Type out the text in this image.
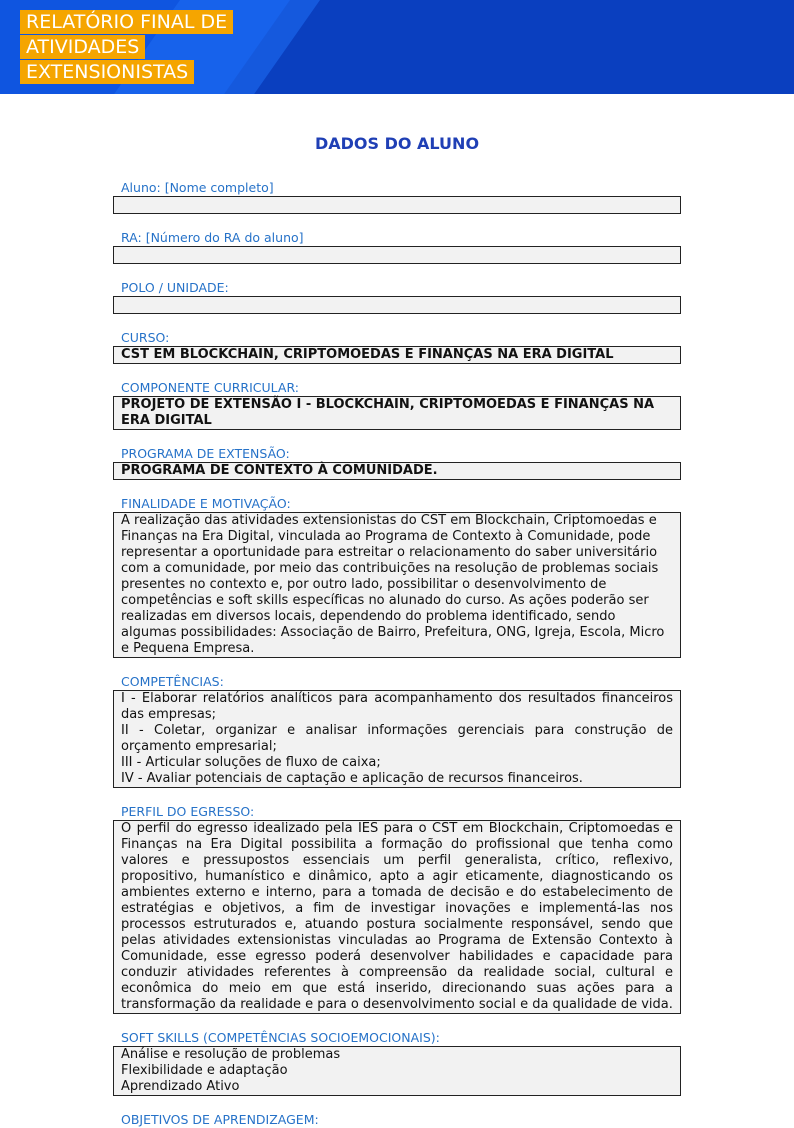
RELATÓRIO FINAL DE
ATIVIDADES
EXTENSIONISTAS
DADOS DO ALUNO
Aluno: [Nome completo]
RA: [Número do RA do aluno]
POLO / UNIDADE:
CURSO:
CST EM BLOCKCHAIN, CRIPTOMOEDAS E FINANÇAS NA ERA DIGITAL
COMPONENTE CURRICULAR:
PROJETO DE EXTENSÃO I - BLOCKCHAIN, CRIPTOMOEDAS E FINANÇAS NA ERA DIGITAL
PROGRAMA DE EXTENSÃO:
PROGRAMA DE CONTEXTO À COMUNIDADE.
FINALIDADE E MOTIVAÇÃO:
A realização das atividades extensionistas do CST em Blockchain, Criptomoedas e Finanças na Era Digital, vinculada ao Programa de Contexto à Comunidade, pode representar a oportunidade para estreitar o relacionamento do saber universitário com a comunidade, por meio das contribuições na resolução de problemas sociais presentes no contexto e, por outro lado, possibilitar o desenvolvimento de competências e soft skills específicas no alunado do curso. As ações poderão ser realizadas em diversos locais, dependendo do problema identificado, sendo algumas possibilidades: Associação de Bairro, Prefeitura, ONG, Igreja, Escola, Micro e Pequena Empresa.
COMPETÊNCIAS:
I - Elaborar relatórios analíticos para acompanhamento dos resultados financeiros das empresas;
II - Coletar, organizar e analisar informações gerenciais para construção de orçamento empresarial;
III - Articular soluções de fluxo de caixa;
IV - Avaliar potenciais de captação e aplicação de recursos financeiros.
PERFIL DO EGRESSO:
O perfil do egresso idealizado pela IES para o CST em Blockchain, Criptomoedas e Finanças na Era Digital possibilita a formação do profissional que tenha como valores e pressupostos essenciais um perfil generalista, crítico, reflexivo, propositivo, humanístico e dinâmico, apto a agir eticamente, diagnosticando os ambientes externo e interno, para a tomada de decisão e do estabelecimento de estratégias e objetivos, a fim de investigar inovações e implementá-las nos processos estruturados e, atuando postura socialmente responsável, sendo que pelas atividades extensionistas vinculadas ao Programa de Extensão Contexto à Comunidade, esse egresso poderá desenvolver habilidades e capacidade para conduzir atividades referentes à compreensão da realidade social, cultural e econômica do meio em que está inserido, direcionando suas ações para a transformação da realidade e para o desenvolvimento social e da qualidade de vida.
SOFT SKILLS (COMPETÊNCIAS SOCIOEMOCIONAIS):
Análise e resolução de problemas
Flexibilidade e adaptação
Aprendizado Ativo
OBJETIVOS DE APRENDIZAGEM:
